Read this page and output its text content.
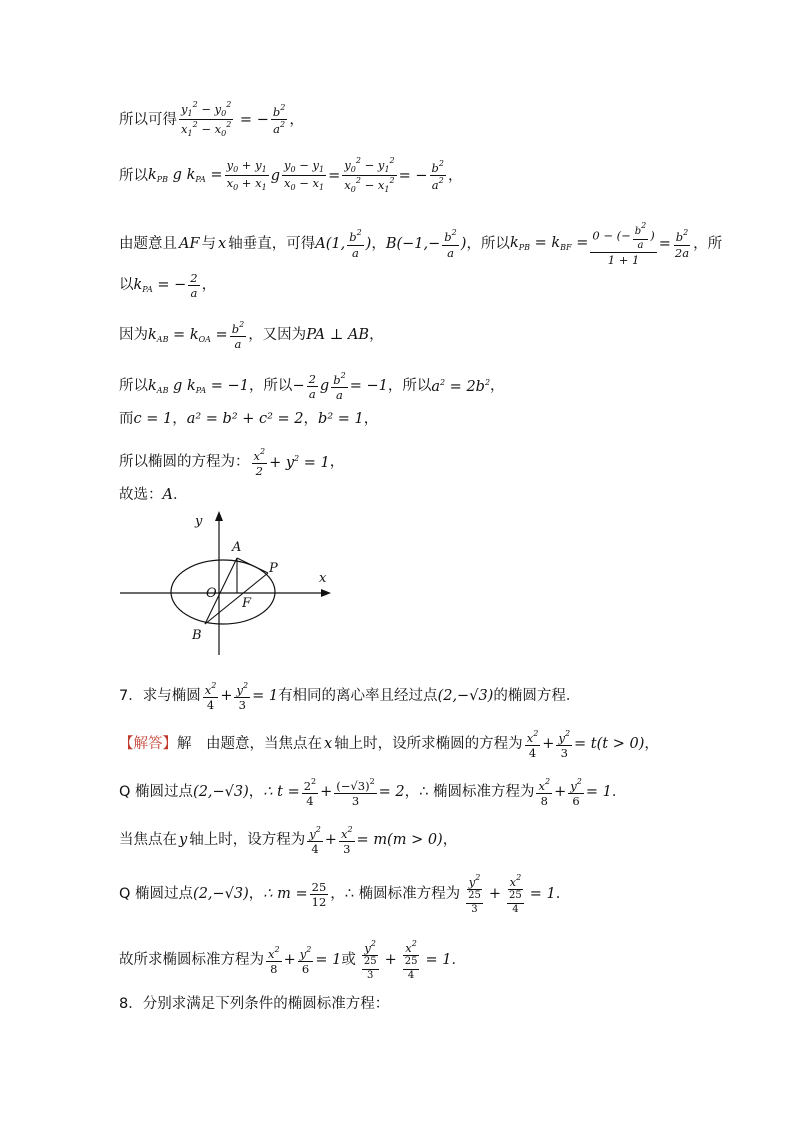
所以可得 $\frac{y_1^2 - y_0^2}{x_1^2 - x_0^2}$ = − $\frac{b^2}{a^2}$ ，
所以 $k_{PB}$ g $k_{PA} = \frac{y_0 + y_1}{x_0 + x_1}$ g $\frac{y_0 - y_1}{x_0 - x_1} = \frac{y_0^2 - y_1^2}{x_0^2 - x_1^2}$ = − $\frac{b^2}{a^2}$ ，
由题意且 AF 与 x 轴垂直，可得 A(1, $\frac{b^2}{a}$ ) ， $B(-1,- \frac{b^2}{a}$ ) ，所以 $k_{PB} = k_{BF} = \frac{0 - (- \frac{b^2}{a} )}{1 + 1} = \frac{b^2}{2a}$ ，所
以 $k_{PA}$ = − $\frac{2}{a}$ ，
因为 $k_{AB} = k_{OA} = \frac{b^2}{a}$ ，又因为 PA ⊥ AB ，
所以 $k_{AB}$ g $k_{PA} = -1$ ，所以 − $\frac{2}{a}$ g $\frac{b^2}{a} = -1$ ，所以 $a^2 = 2b^2$ ，
而 c = 1 ， a² = b² + c² = 2 ， b² = 1 ，
所以椭圆的方程为： $\frac{x^2}{2} + y^2 = 1$ ，
故选： A ．
y
x
A
P
O
F
B
7．求与椭圆 $\frac{x^2}{4} + \frac{y^2}{3} = 1$ 有相同的离心率且经过点 (2,−√3) 的椭圆方程．
【解答】 解　由题意，当焦点在 x 轴上时，设所求椭圆的方程为 $\frac{x^2}{4} + \frac{y^2}{3} = t(t > 0)$ ，
Q 椭圆过点 (2,−√3) ， ∴ $t = \frac{2^2}{4} + \frac{(-√3)^2}{3} = 2$ ， ∴ 椭圆标准方程为 $\frac{x^2}{8} + \frac{y^2}{6} = 1$ ．
当焦点在 y 轴上时，设方程为 $\frac{y^2}{4} + \frac{x^2}{3} = m(m > 0)$ ，
Q 椭圆过点 (2,−√3) ， ∴ $m = \frac{25}{12}$ ， ∴ 椭圆标准方程为 $\frac{y^2}{\frac{25}{3}} + \frac{x^2}{\frac{25}{4}} = 1$ ．
故所求椭圆标准方程为 $\frac{x^2}{8} + \frac{y^2}{6} = 1$ 或 $\frac{y^2}{\frac{25}{3}} + \frac{x^2}{\frac{25}{4}} = 1$ ．
8．分别求满足下列条件的椭圆标准方程：
